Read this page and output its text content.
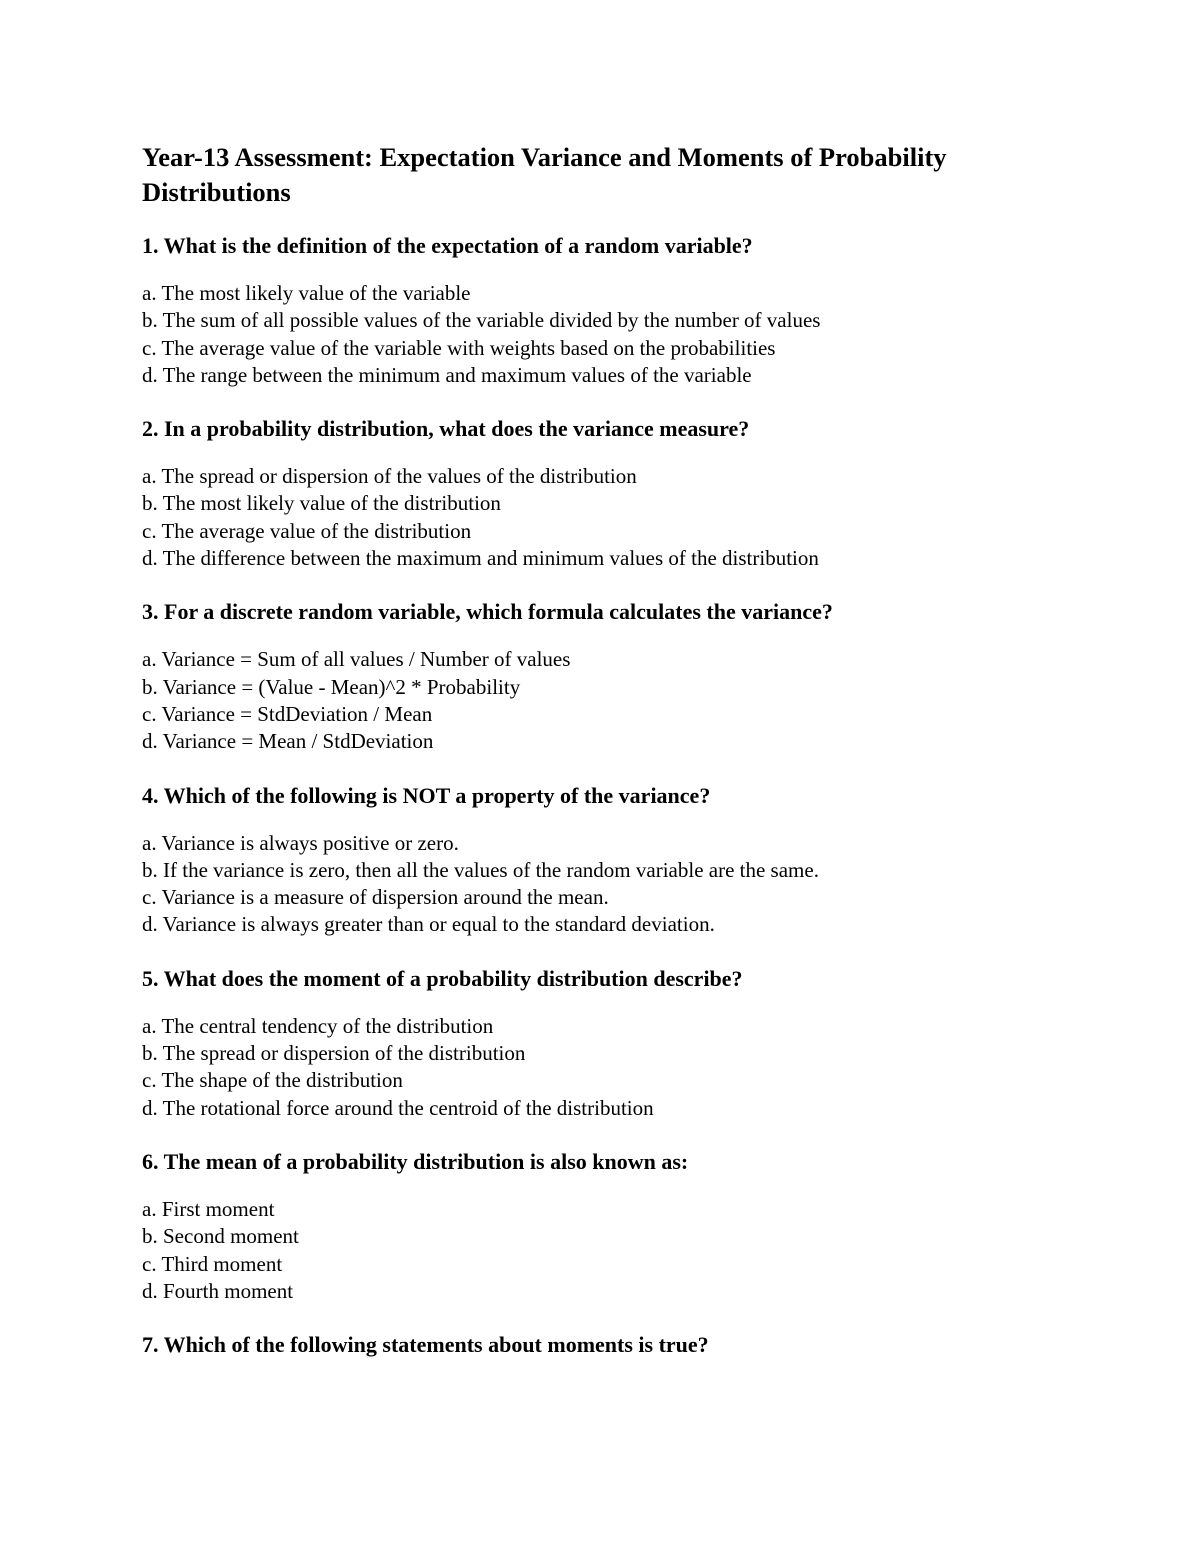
Year-13 Assessment: Expectation Variance and Moments of Probability Distributions

1. What is the definition of the expectation of a random variable?

a. The most likely value of the variable
b. The sum of all possible values of the variable divided by the number of values
c. The average value of the variable with weights based on the probabilities
d. The range between the minimum and maximum values of the variable

2. In a probability distribution, what does the variance measure?

a. The spread or dispersion of the values of the distribution
b. The most likely value of the distribution
c. The average value of the distribution
d. The difference between the maximum and minimum values of the distribution

3. For a discrete random variable, which formula calculates the variance?

a. Variance = Sum of all values / Number of values
b. Variance = (Value - Mean)^2 * Probability
c. Variance = StdDeviation / Mean
d. Variance = Mean / StdDeviation

4. Which of the following is NOT a property of the variance?

a. Variance is always positive or zero.
b. If the variance is zero, then all the values of the random variable are the same.
c. Variance is a measure of dispersion around the mean.
d. Variance is always greater than or equal to the standard deviation.

5. What does the moment of a probability distribution describe?

a. The central tendency of the distribution
b. The spread or dispersion of the distribution
c. The shape of the distribution
d. The rotational force around the centroid of the distribution

6. The mean of a probability distribution is also known as:

a. First moment
b. Second moment
c. Third moment
d. Fourth moment

7. Which of the following statements about moments is true?
